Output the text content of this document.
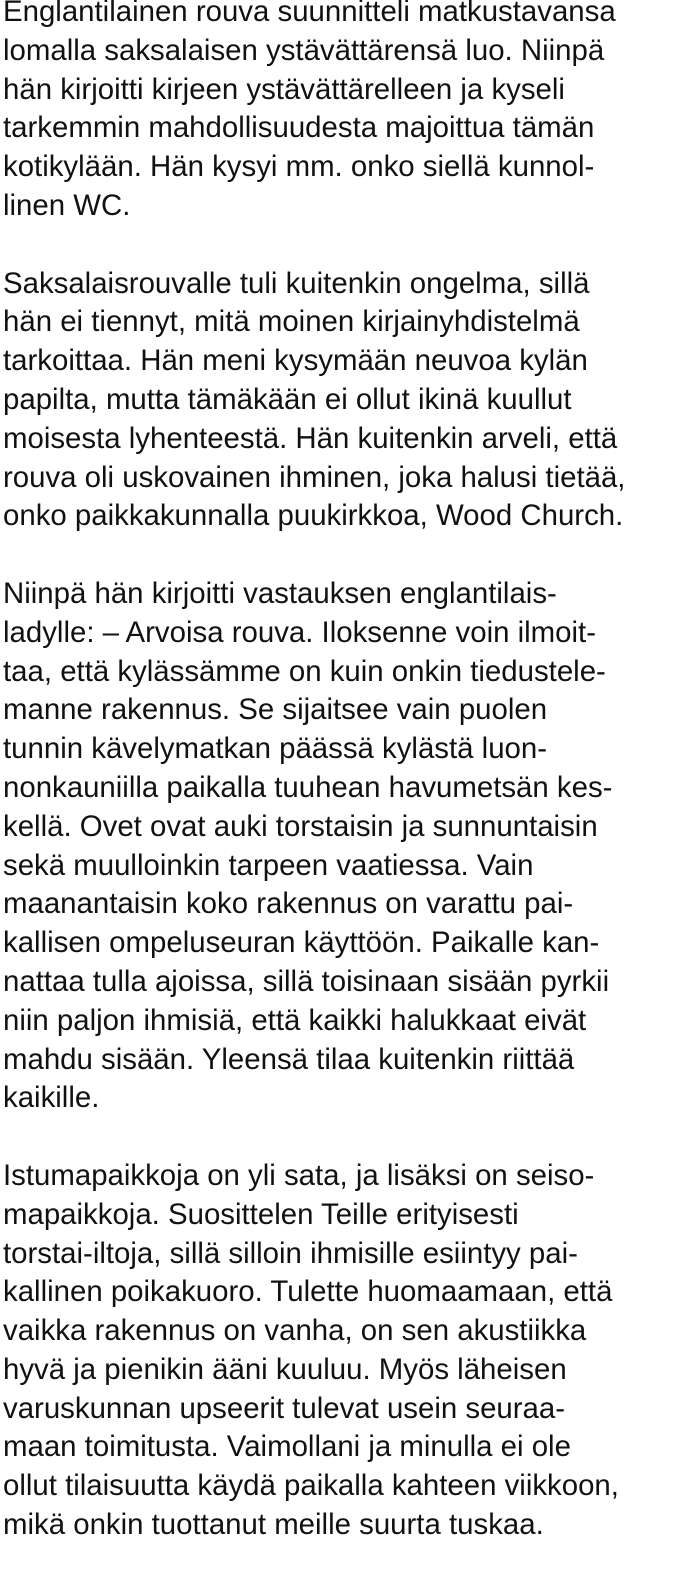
Englantilainen rouva suunnitteli matkustavansa
lomalla saksalaisen ystävättärensä luo. Niinpä
hän kirjoitti kirjeen ystävättärelleen ja kyseli
tarkemmin mahdollisuudesta majoittua tämän
kotikylään. Hän kysyi mm. onko siellä kunnol-
linen WC.

Saksalaisrouvalle tuli kuitenkin ongelma, sillä
hän ei tiennyt, mitä moinen kirjainyhdistelmä
tarkoittaa. Hän meni kysymään neuvoa kylän
papilta, mutta tämäkään ei ollut ikinä kuullut
moisesta lyhenteestä. Hän kuitenkin arveli, että
rouva oli uskovainen ihminen, joka halusi tietää,
onko paikkakunnalla puukirkkoa, Wood Church.

Niinpä hän kirjoitti vastauksen englantilais-
ladylle: – Arvoisa rouva. Iloksenne voin ilmoit-
taa, että kylässämme on kuin onkin tiedustele-
manne rakennus. Se sijaitsee vain puolen
tunnin kävelymatkan päässä kylästä luon-
nonkauniilla paikalla tuuhean havumetsän kes-
kellä. Ovet ovat auki torstaisin ja sunnuntaisin
sekä muulloinkin tarpeen vaatiessa. Vain
maanantaisin koko rakennus on varattu pai-
kallisen ompeluseuran käyttöön. Paikalle kan-
nattaa tulla ajoissa, sillä toisinaan sisään pyrkii
niin paljon ihmisiä, että kaikki halukkaat eivät
mahdu sisään. Yleensä tilaa kuitenkin riittää
kaikille.

Istumapaikkoja on yli sata, ja lisäksi on seiso-
mapaikkoja. Suosittelen Teille erityisesti
torstai-iltoja, sillä silloin ihmisille esiintyy pai-
kallinen poikakuoro. Tulette huomaamaan, että
vaikka rakennus on vanha, on sen akustiikka
hyvä ja pienikin ääni kuuluu. Myös läheisen
varuskunnan upseerit tulevat usein seuraa-
maan toimitusta. Vaimollani ja minulla ei ole
ollut tilaisuutta käydä paikalla kahteen viikkoon,
mikä onkin tuottanut meille suurta tuskaa.
